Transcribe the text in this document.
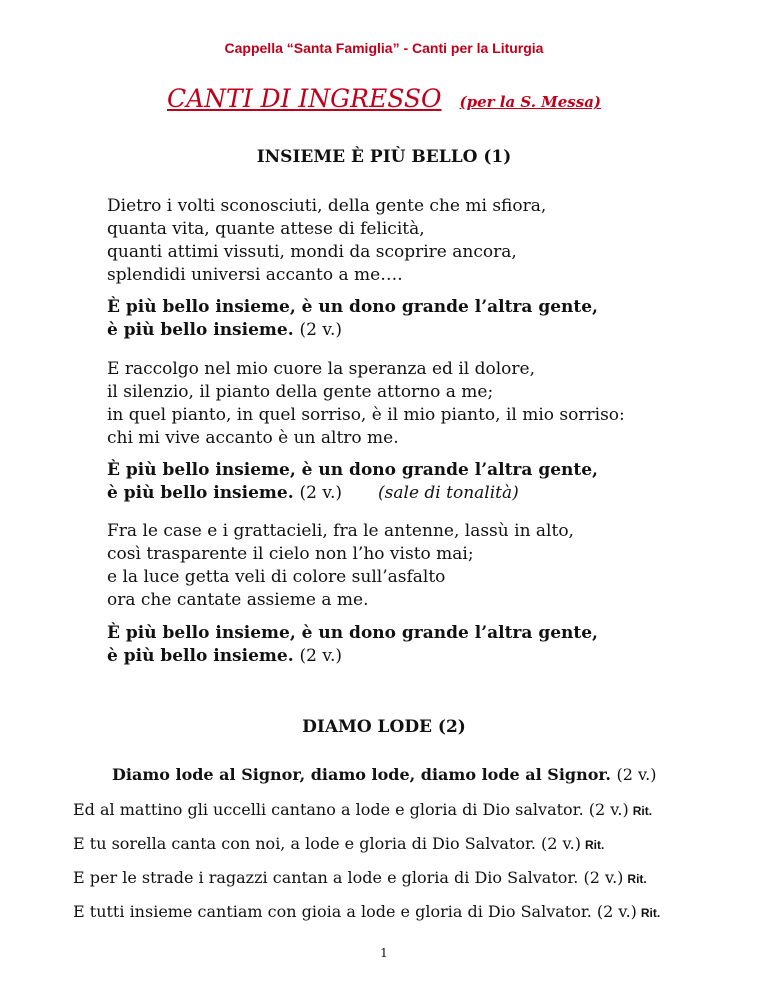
Cappella “Santa Famiglia” - Canti per la Liturgia
CANTI DI INGRESSO (per la S. Messa)
INSIEME È PIÙ BELLO (1)
Dietro i volti sconosciuti, della gente che mi sfiora,
quanta vita, quante attese di felicità,
quanti attimi vissuti, mondi da scoprire ancora,
splendidi universi accanto a me….
È più bello insieme, è un dono grande l’altra gente,
è più bello insieme. (2 v.)
E raccolgo nel mio cuore la speranza ed il dolore,
il silenzio, il pianto della gente attorno a me;
in quel pianto, in quel sorriso, è il mio pianto, il mio sorriso:
chi mi vive accanto è un altro me.
È più bello insieme, è un dono grande l’altra gente,
è più bello insieme. (2 v.) (sale di tonalità)
Fra le case e i grattacieli, fra le antenne, lassù in alto,
così trasparente il cielo non l’ho visto mai;
e la luce getta veli di colore sull’asfalto
ora che cantate assieme a me.
È più bello insieme, è un dono grande l’altra gente,
è più bello insieme. (2 v.)
DIAMO LODE (2)
Diamo lode al Signor, diamo lode, diamo lode al Signor. (2 v.)
Ed al mattino gli uccelli cantano a lode e gloria di Dio salvator. (2 v.) Rit.
E tu sorella canta con noi, a lode e gloria di Dio Salvator. (2 v.) Rit.
E per le strade i ragazzi cantan a lode e gloria di Dio Salvator. (2 v.) Rit.
E tutti insieme cantiam con gioia a lode e gloria di Dio Salvator. (2 v.) Rit.
1
